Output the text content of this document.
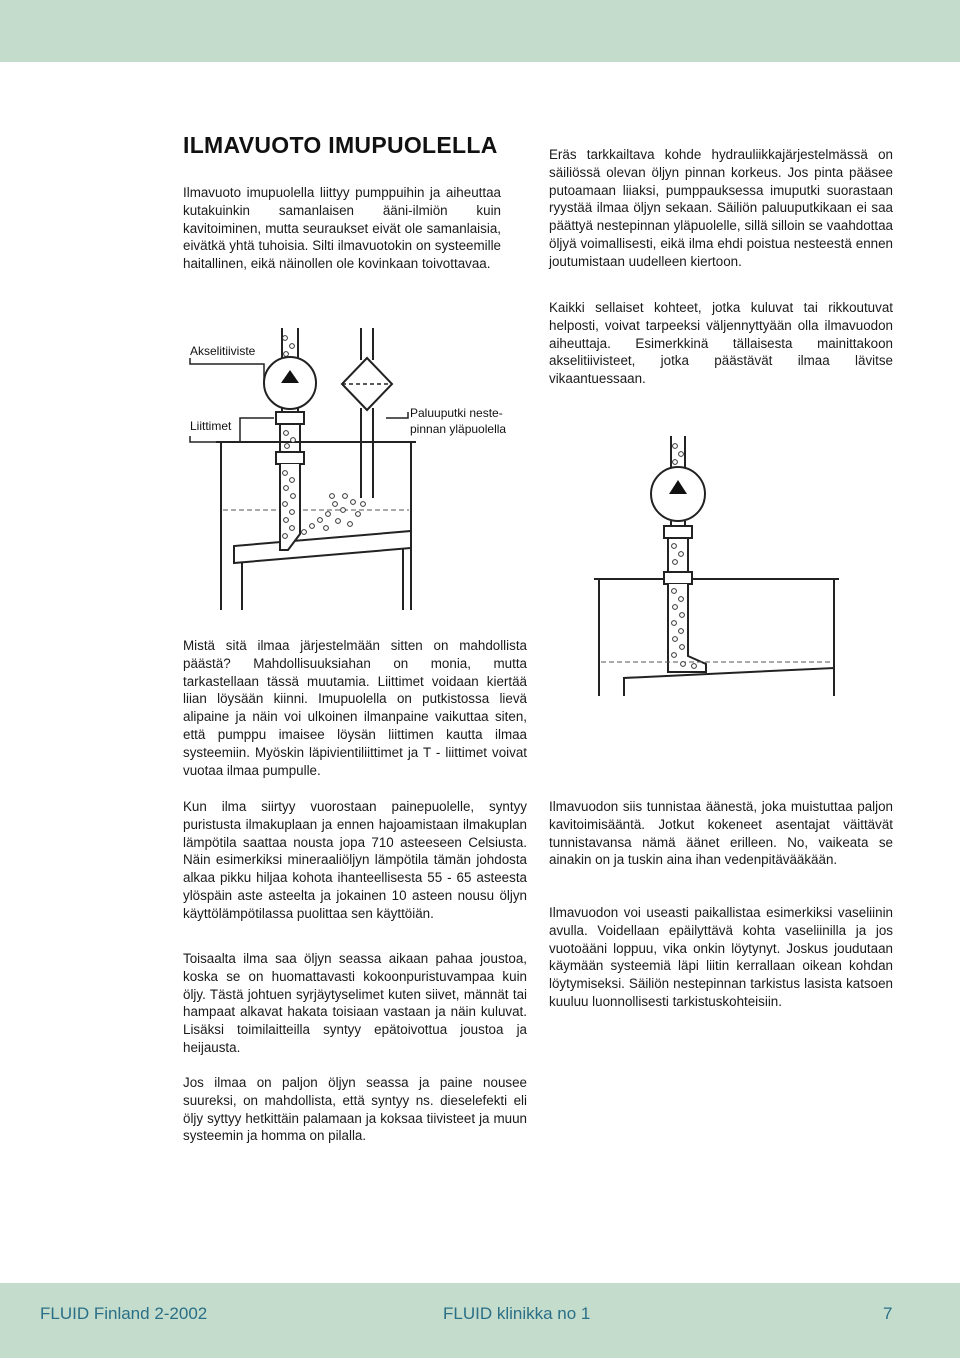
ILMAVUOTO IMUPUOLELLA

Ilmavuoto imupuolella liittyy pumppuihin ja aiheuttaa kutakuinkin samanlaisen ääni-ilmiön kuin kavitoiminen, mutta seuraukset eivät ole samanlaisia, eivätkä yhtä tuhoisia. Silti ilmavuotokin on systeemille haitallinen, eikä näinollen ole kovinkaan toivottavaa.

Eräs tarkkailtava kohde hydrauliikkajärjestelmässä on säiliössä olevan öljyn pinnan korkeus. Jos pinta pääsee putoamaan liiaksi, pumppauksessa imuputki suorastaan ryystää ilmaa öljyn sekaan. Säiliön paluuputkikaan ei saa päättyä nestepinnan yläpuolelle, sillä silloin se vaahdottaa öljyä voimallisesti, eikä ilma ehdi poistua nesteestä ennen joutumistaan uudelleen kiertoon.

Kaikki sellaiset kohteet, jotka kuluvat tai rikkoutuvat helposti, voivat tarpeeksi väljennyttyään olla ilmavuodon aiheuttaja. Esimerkkinä tällaisesta mainittakoon akselitiivisteet, jotka päästävät ilmaa lävitse vikaantuessaan.

Akselitiiviste
Liittimet
Paluuputki neste-
pinnan yläpuolella

Mistä sitä ilmaa järjestelmään sitten on mahdollista päästä? Mahdollisuuksiahan on monia, mutta tarkastellaan tässä muutamia. Liittimet voidaan kiertää liian löysään kiinni. Imupuolella on putkistossa lievä alipaine ja näin voi ulkoinen ilmanpaine vaikuttaa siten, että pumppu imaisee löysän liittimen kautta ilmaa systeemiin. Myöskin läpivientiliittimet ja T - liittimet voivat vuotaa ilmaa pumpulle.

Kun ilma siirtyy vuorostaan painepuolelle, syntyy puristusta ilmakuplaan ja ennen hajoamistaan ilmakuplan lämpötila saattaa nousta jopa 710 asteeseen Celsiusta. Näin esimerkiksi mineraaliöljyn lämpötila tämän johdosta alkaa pikku hiljaa kohota ihanteellisesta 55 - 65 asteesta ylöspäin aste asteelta ja jokainen 10 asteen nousu öljyn käyttölämpötilassa puolittaa sen käyttöiän.

Ilmavuodon siis tunnistaa äänestä, joka muistuttaa paljon kavitoimisääntä. Jotkut kokeneet asentajat väittävät tunnistavansa nämä äänet erilleen. No, vaikeata se ainakin on ja tuskin aina ihan vedenpitävääkään.

Ilmavuodon voi useasti paikallistaa esimerkiksi vaseliinin avulla. Voidellaan epäilyttävä kohta vaseliinilla ja jos vuotoääni loppuu, vika onkin löytynyt. Joskus joudutaan käymään systeemiä läpi liitin kerrallaan oikean kohdan löytymiseksi. Säiliön nestepinnan tarkistus lasista katsoen kuuluu luonnollisesti tarkistuskohteisiin.

Toisaalta ilma saa öljyn seassa aikaan pahaa joustoa, koska se on huomattavasti kokoonpuristuvampaa kuin öljy. Tästä johtuen syrjäytyselimet kuten siivet, männät tai hampaat alkavat hakata toisiaan vastaan ja näin kuluvat. Lisäksi toimilaitteilla syntyy epätoivottua joustoa ja heijausta.

Jos ilmaa on paljon öljyn seassa ja paine nousee suureksi, on mahdollista, että syntyy ns. dieselefekti eli öljy syttyy hetkittäin palamaan ja koksaa tiivisteet ja muun systeemin ja homma on pilalla.

FLUID Finland 2-2002	FLUID klinikka no 1	7
